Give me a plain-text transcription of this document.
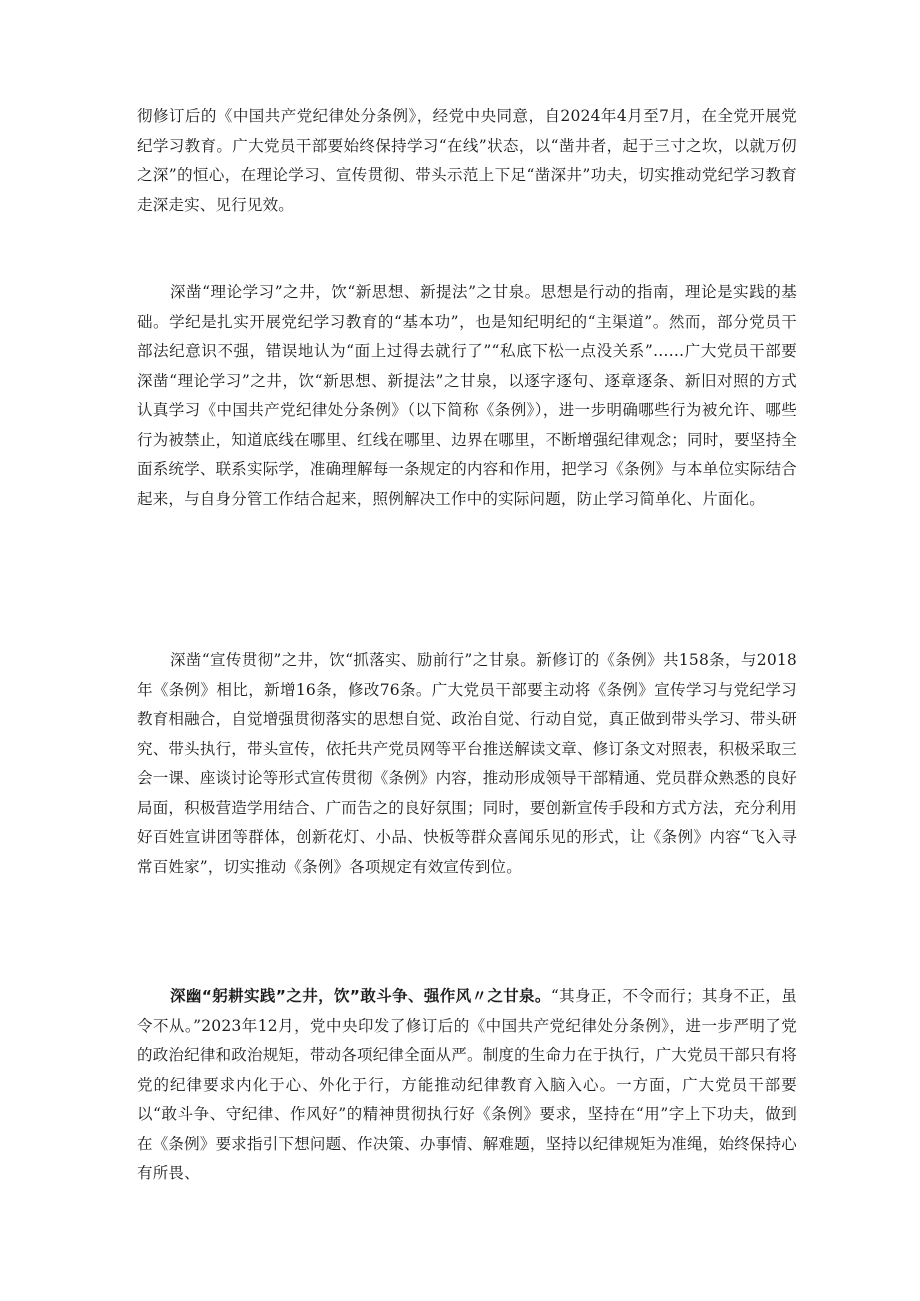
彻修订后的《中国共产党纪律处分条例》，经党中央同意，自2024年4月至7月，在全党开展党纪学习教育。广大党员干部要始终保持学习“在线”状态，以“凿井者，起于三寸之坎，以就万仞之深”的恒心，在理论学习、宣传贯彻、带头示范上下足“凿深井”功夫，切实推动党纪学习教育走深走实、见行见效。

深凿“理论学习”之井，饮“新思想、新提法”之甘泉。思想是行动的指南，理论是实践的基础。学纪是扎实开展党纪学习教育的“基本功”，也是知纪明纪的“主渠道”。然而，部分党员干部法纪意识不强，错误地认为“面上过得去就行了”“私底下松一点没关系”……广大党员干部要深凿“理论学习”之井，饮“新思想、新提法”之甘泉，以逐字逐句、逐章逐条、新旧对照的方式认真学习《中国共产党纪律处分条例》（以下简称《条例》），进一步明确哪些行为被允许、哪些行为被禁止，知道底线在哪里、红线在哪里、边界在哪里，不断增强纪律观念；同时，要坚持全面系统学、联系实际学，准确理解每一条规定的内容和作用，把学习《条例》与本单位实际结合起来，与自身分管工作结合起来，照例解决工作中的实际问题，防止学习简单化、片面化。

深凿“宣传贯彻”之井，饮“抓落实、励前行”之甘泉。新修订的《条例》共158条，与2018年《条例》相比，新增16条，修改76条。广大党员干部要主动将《条例》宣传学习与党纪学习教育相融合，自觉增强贯彻落实的思想自觉、政治自觉、行动自觉，真正做到带头学习、带头研究、带头执行，带头宣传，依托共产党员网等平台推送解读文章、修订条文对照表，积极采取三会一课、座谈讨论等形式宣传贯彻《条例》内容，推动形成领导干部精通、党员群众熟悉的良好局面，积极营造学用结合、广而告之的良好氛围；同时，要创新宣传手段和方式方法，充分利用好百姓宣讲团等群体，创新花灯、小品、快板等群众喜闻乐见的形式，让《条例》内容“飞入寻常百姓家”，切实推动《条例》各项规定有效宣传到位。

深幽“躬耕实践”之井，饮”敢斗争、强作风〃之甘泉。“其身正，不令而行；其身不正，虽令不从。”2023年12月，党中央印发了修订后的《中国共产党纪律处分条例》，进一步严明了党的政治纪律和政治规矩，带动各项纪律全面从严。制度的生命力在于执行，广大党员干部只有将党的纪律要求内化于心、外化于行，方能推动纪律教育入脑入心。一方面，广大党员干部要以“敢斗争、守纪律、作风好”的精神贯彻执行好《条例》要求，坚持在“用”字上下功夫，做到在《条例》要求指引下想问题、作决策、办事情、解难题，坚持以纪律规矩为准绳，始终保持心有所畏、
